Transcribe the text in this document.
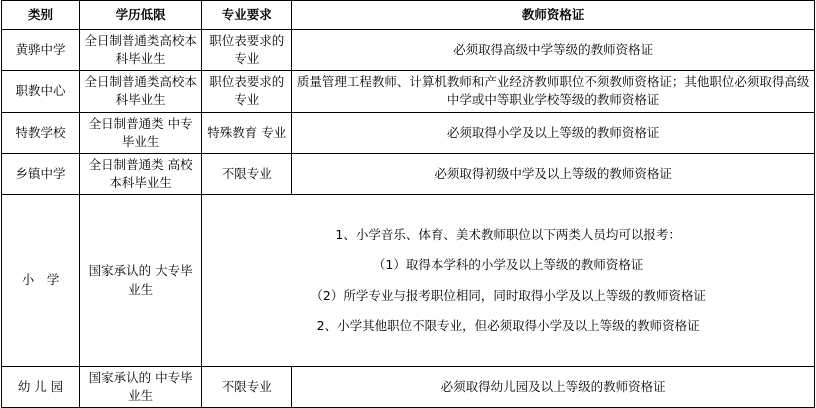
类别	学历低限	专业要求	教师资格证
黄骅中学	全日制普通类高校本科毕业生	职位表要求的专业	必须取得高级中学等级的教师资格证
职教中心	全日制普通类高校本科毕业生	职位表要求的专业	质量管理工程教师、计算机教师和产业经济教师职位不须教师资格证；其他职位必须取得高级中学或中等职业学校等级的教师资格证
特教学校	全日制普通类 中专毕业生	特殊教育 专业	必须取得小学及以上等级的教师资格证
乡镇中学	全日制普通类 高校本科毕业生	不限专业	必须取得初级中学及以上等级的教师资格证
小　学	国家承认的 大专毕业生	1、小学音乐、体育、美术教师职位以下两类人员均可以报考：

（1）取得本学科的小学及以上等级的教师资格证

（2）所学专业与报考职位相同，同时取得小学及以上等级的教师资格证

2、小学其他职位不限专业，但必须取得小学及以上等级的教师资格证	

幼 儿 园	国家承认的 中专毕业生	不限专业	必须取得幼儿园及以上等级的教师资格证
